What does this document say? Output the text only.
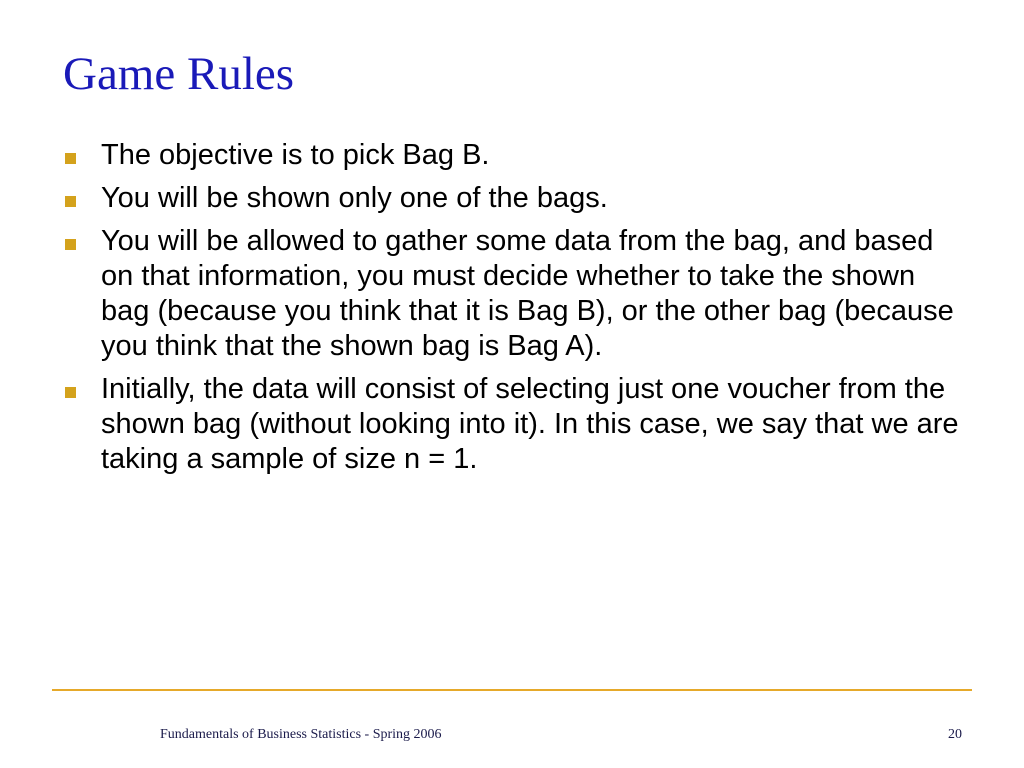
Game Rules
The objective is to pick Bag B.
You will be shown only one of the bags.
You will be allowed to gather some data from the bag, and based on that information, you must decide whether to take the shown bag (because you think that it is Bag B), or the other bag (because you think that the shown bag is Bag A).
Initially, the data will consist of selecting just one voucher from the shown bag (without looking into it). In this case, we say that we are taking a sample of size n = 1.
Fundamentals of Business Statistics - Spring 2006	20
